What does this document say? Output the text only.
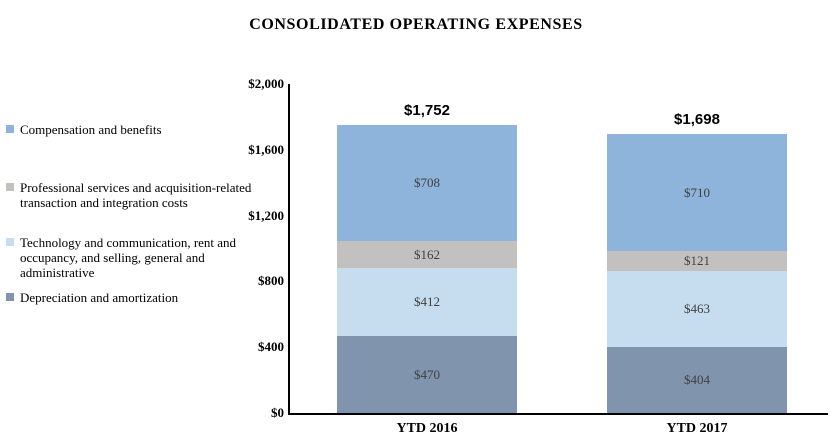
CONSOLIDATED OPERATING EXPENSES
Compensation and benefits
Professional services and acquisition-related transaction and integration costs
Technology and communication, rent and occupancy, and selling, general and administrative
Depreciation and amortization
$708
$162
$412
$470
$1,752
YTD 2016
$710
$121
$463
$404
$1,698
YTD 2017
$0
$400
$800
$1,200
$1,600
$2,000
